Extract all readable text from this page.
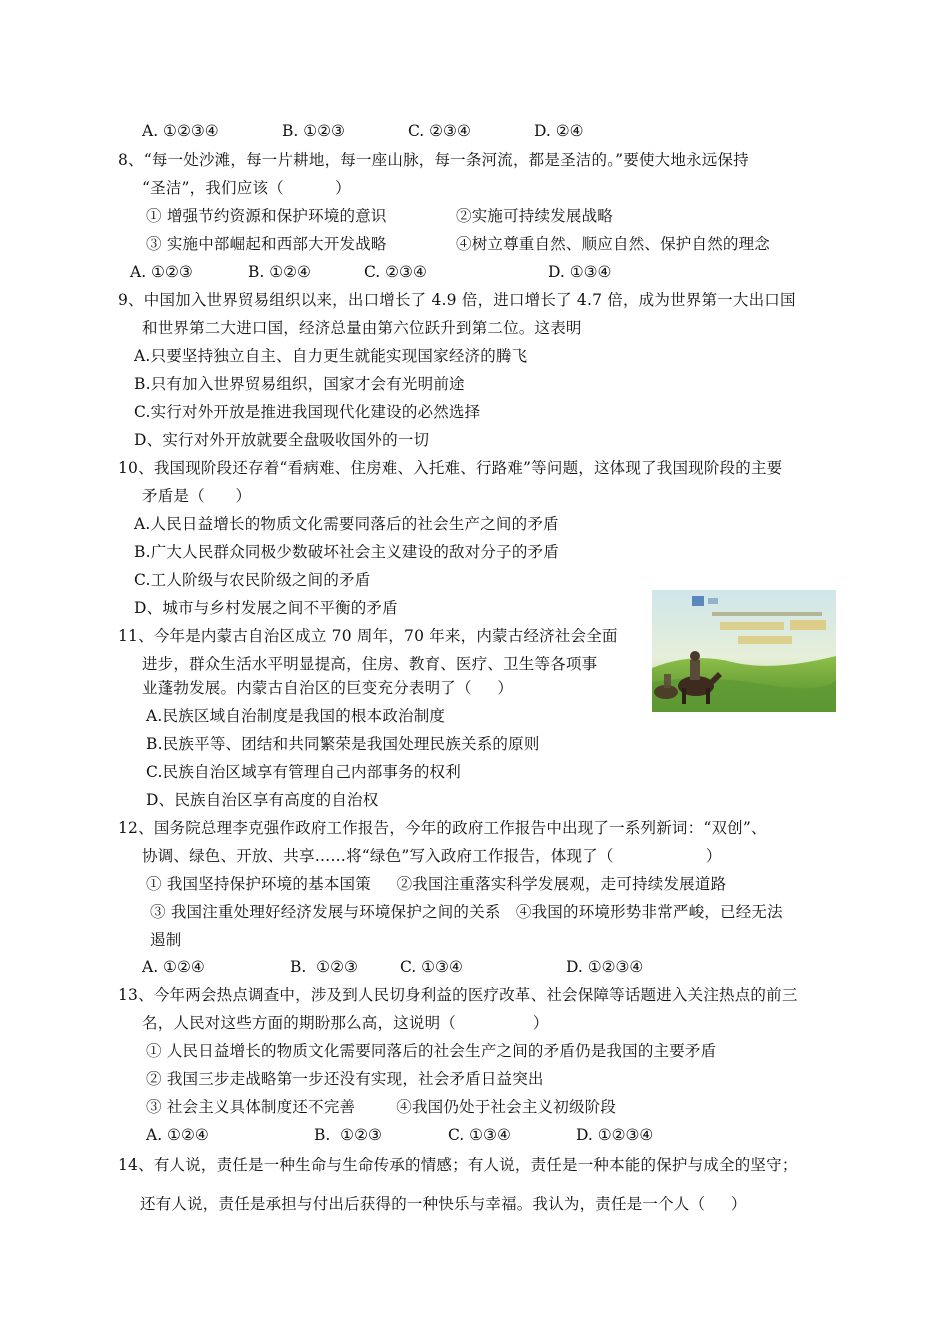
A. ①②③④	B. ①②③	C. ②③④	D. ②④
8、“每一处沙滩，每一片耕地，每一座山脉，每一条河流，都是圣洁的。”要使大地永远保持
“圣洁”，我们应该（          ）
① 增强节约资源和保护环境的意识	②实施可持续发展战略
③ 实施中部崛起和西部大开发战略	④树立尊重自然、顺应自然、保护自然的理念
A. ①②③	B. ①②④	C. ②③④	D. ①③④
9、中国加入世界贸易组织以来，出口增长了 4.9 倍，进口增长了 4.7 倍，成为世界第一大出口国
和世界第二大进口国，经济总量由第六位跃升到第二位。这表明
A.只要坚持独立自主、自力更生就能实现国家经济的腾飞
B.只有加入世界贸易组织，国家才会有光明前途
C.实行对外开放是推进我国现代化建设的必然选择
D、实行对外开放就要全盘吸收国外的一切
10、我国现阶段还存着“看病难、住房难、入托难、行路难”等问题，这体现了我国现阶段的主要
矛盾是（      ）
A.人民日益增长的物质文化需要同落后的社会生产之间的矛盾
B.广大人民群众同极少数破坏社会主义建设的敌对分子的矛盾
C.工人阶级与农民阶级之间的矛盾
D、城市与乡村发展之间不平衡的矛盾
11、今年是内蒙古自治区成立 70 周年，70 年来，内蒙古经济社会全面
进步，群众生活水平明显提高，住房、教育、医疗、卫生等各项事
业蓬勃发展。内蒙古自治区的巨变充分表明了（     ）
A.民族区域自治制度是我国的根本政治制度
B.民族平等、团结和共同繁荣是我国处理民族关系的原则
C.民族自治区域享有管理自己内部事务的权利
D、民族自治区享有高度的自治权
12、国务院总理李克强作政府工作报告，今年的政府工作报告中出现了一系列新词：“双创”、
协调、绿色、开放、共享……将“绿色”写入政府工作报告，体现了（                  ）
① 我国坚持保护环境的基本国策     ②我国注重落实科学发展观，走可持续发展道路
③ 我国注重处理好经济发展与环境保护之间的关系   ④我国的环境形势非常严峻，已经无法
遏制
A. ①②④	B.  ①②③	C. ①③④	D. ①②③④
13、今年两会热点调查中，涉及到人民切身利益的医疗改革、社会保障等话题进入关注热点的前三
名，人民对这些方面的期盼那么高，这说明（               ）
① 人民日益增长的物质文化需要同落后的社会生产之间的矛盾仍是我国的主要矛盾
② 我国三步走战略第一步还没有实现，社会矛盾日益突出
③ 社会主义具体制度还不完善        ④我国仍处于社会主义初级阶段
A. ①②④	B.  ①②③	C. ①③④	D. ①②③④
14、有人说，责任是一种生命与生命传承的情感；有人说，责任是一种本能的保护与成全的坚守；
还有人说，责任是承担与付出后获得的一种快乐与幸福。我认为，责任是一个人（     ）
